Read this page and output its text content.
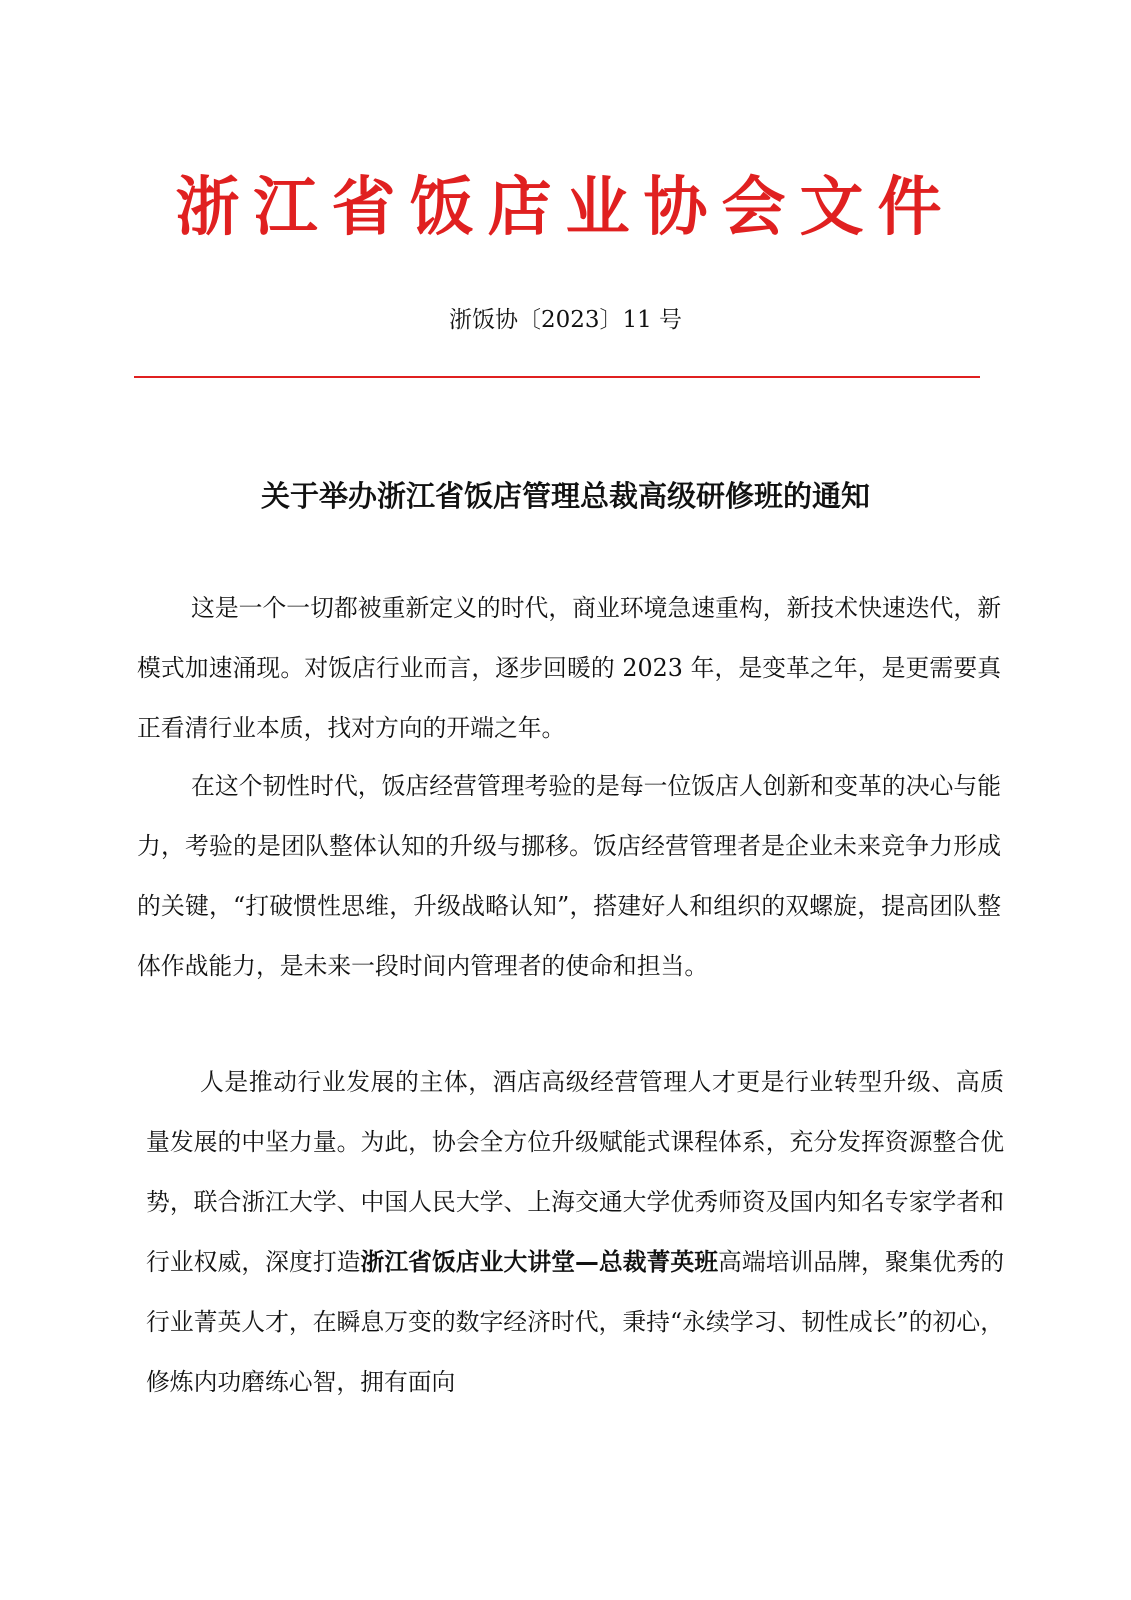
浙江省饭店业协会文件
浙饭协〔2023〕11 号
关于举办浙江省饭店管理总裁高级研修班的通知

这是一个一切都被重新定义的时代，商业环境急速重构，新技术快速迭代，新模式加速涌现。对饭店行业而言，逐步回暖的 2023 年，是变革之年，是更需要真正看清行业本质，找对方向的开端之年。

在这个韧性时代，饭店经营管理考验的是每一位饭店人创新和变革的决心与能力，考验的是团队整体认知的升级与挪移。饭店经营管理者是企业未来竞争力形成的关键，“打破惯性思维，升级战略认知”，搭建好人和组织的双螺旋，提高团队整体作战能力，是未来一段时间内管理者的使命和担当。

人是推动行业发展的主体，酒店高级经营管理人才更是行业转型升级、高质量发展的中坚力量。为此，协会全方位升级赋能式课程体系，充分发挥资源整合优势，联合浙江大学、中国人民大学、上海交通大学优秀师资及国内知名专家学者和行业权威，深度打造浙江省饭店业大讲堂—总裁菁英班高端培训品牌，聚集优秀的行业菁英人才，在瞬息万变的数字经济时代，秉持“永续学习、韧性成长”的初心，修炼内功磨练心智，拥有面向
